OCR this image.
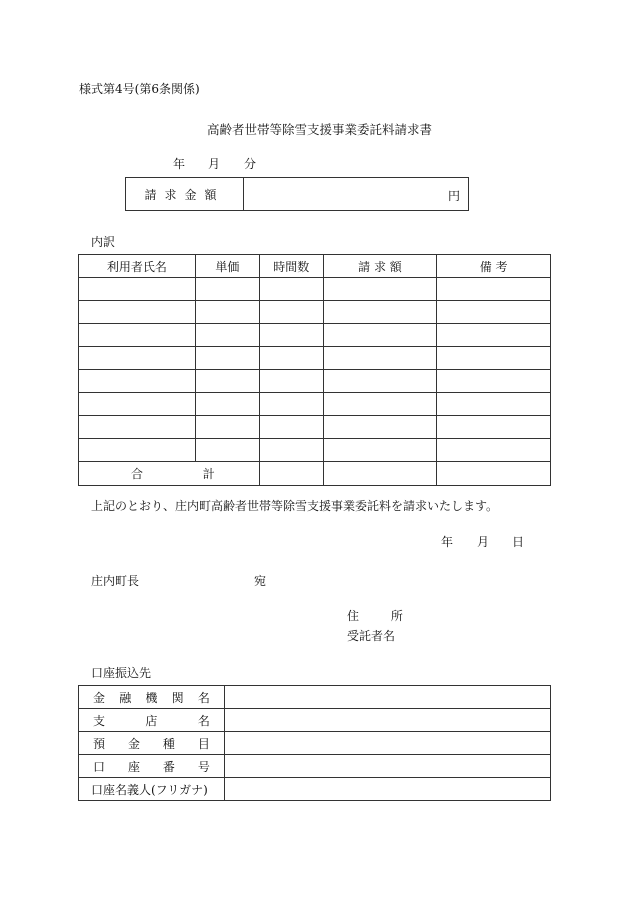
様式第4号(第6条関係)
高齢者世帯等除雪支援事業委託料請求書
年 月 分
請求金額	円
内訳
利用者氏名	単価	時間数	請 求 額	備 考

合 計				

上記のとおり、庄内町高齢者世帯等除雪支援事業委託料を請求いたします。
年 月 日
庄内町長	宛
住 所
受託者名
口座振込先
金 融 機 関 名	

支 店 名	

預 金 種 目	

口 座 番 号	

口座名義人(フリガナ)	
